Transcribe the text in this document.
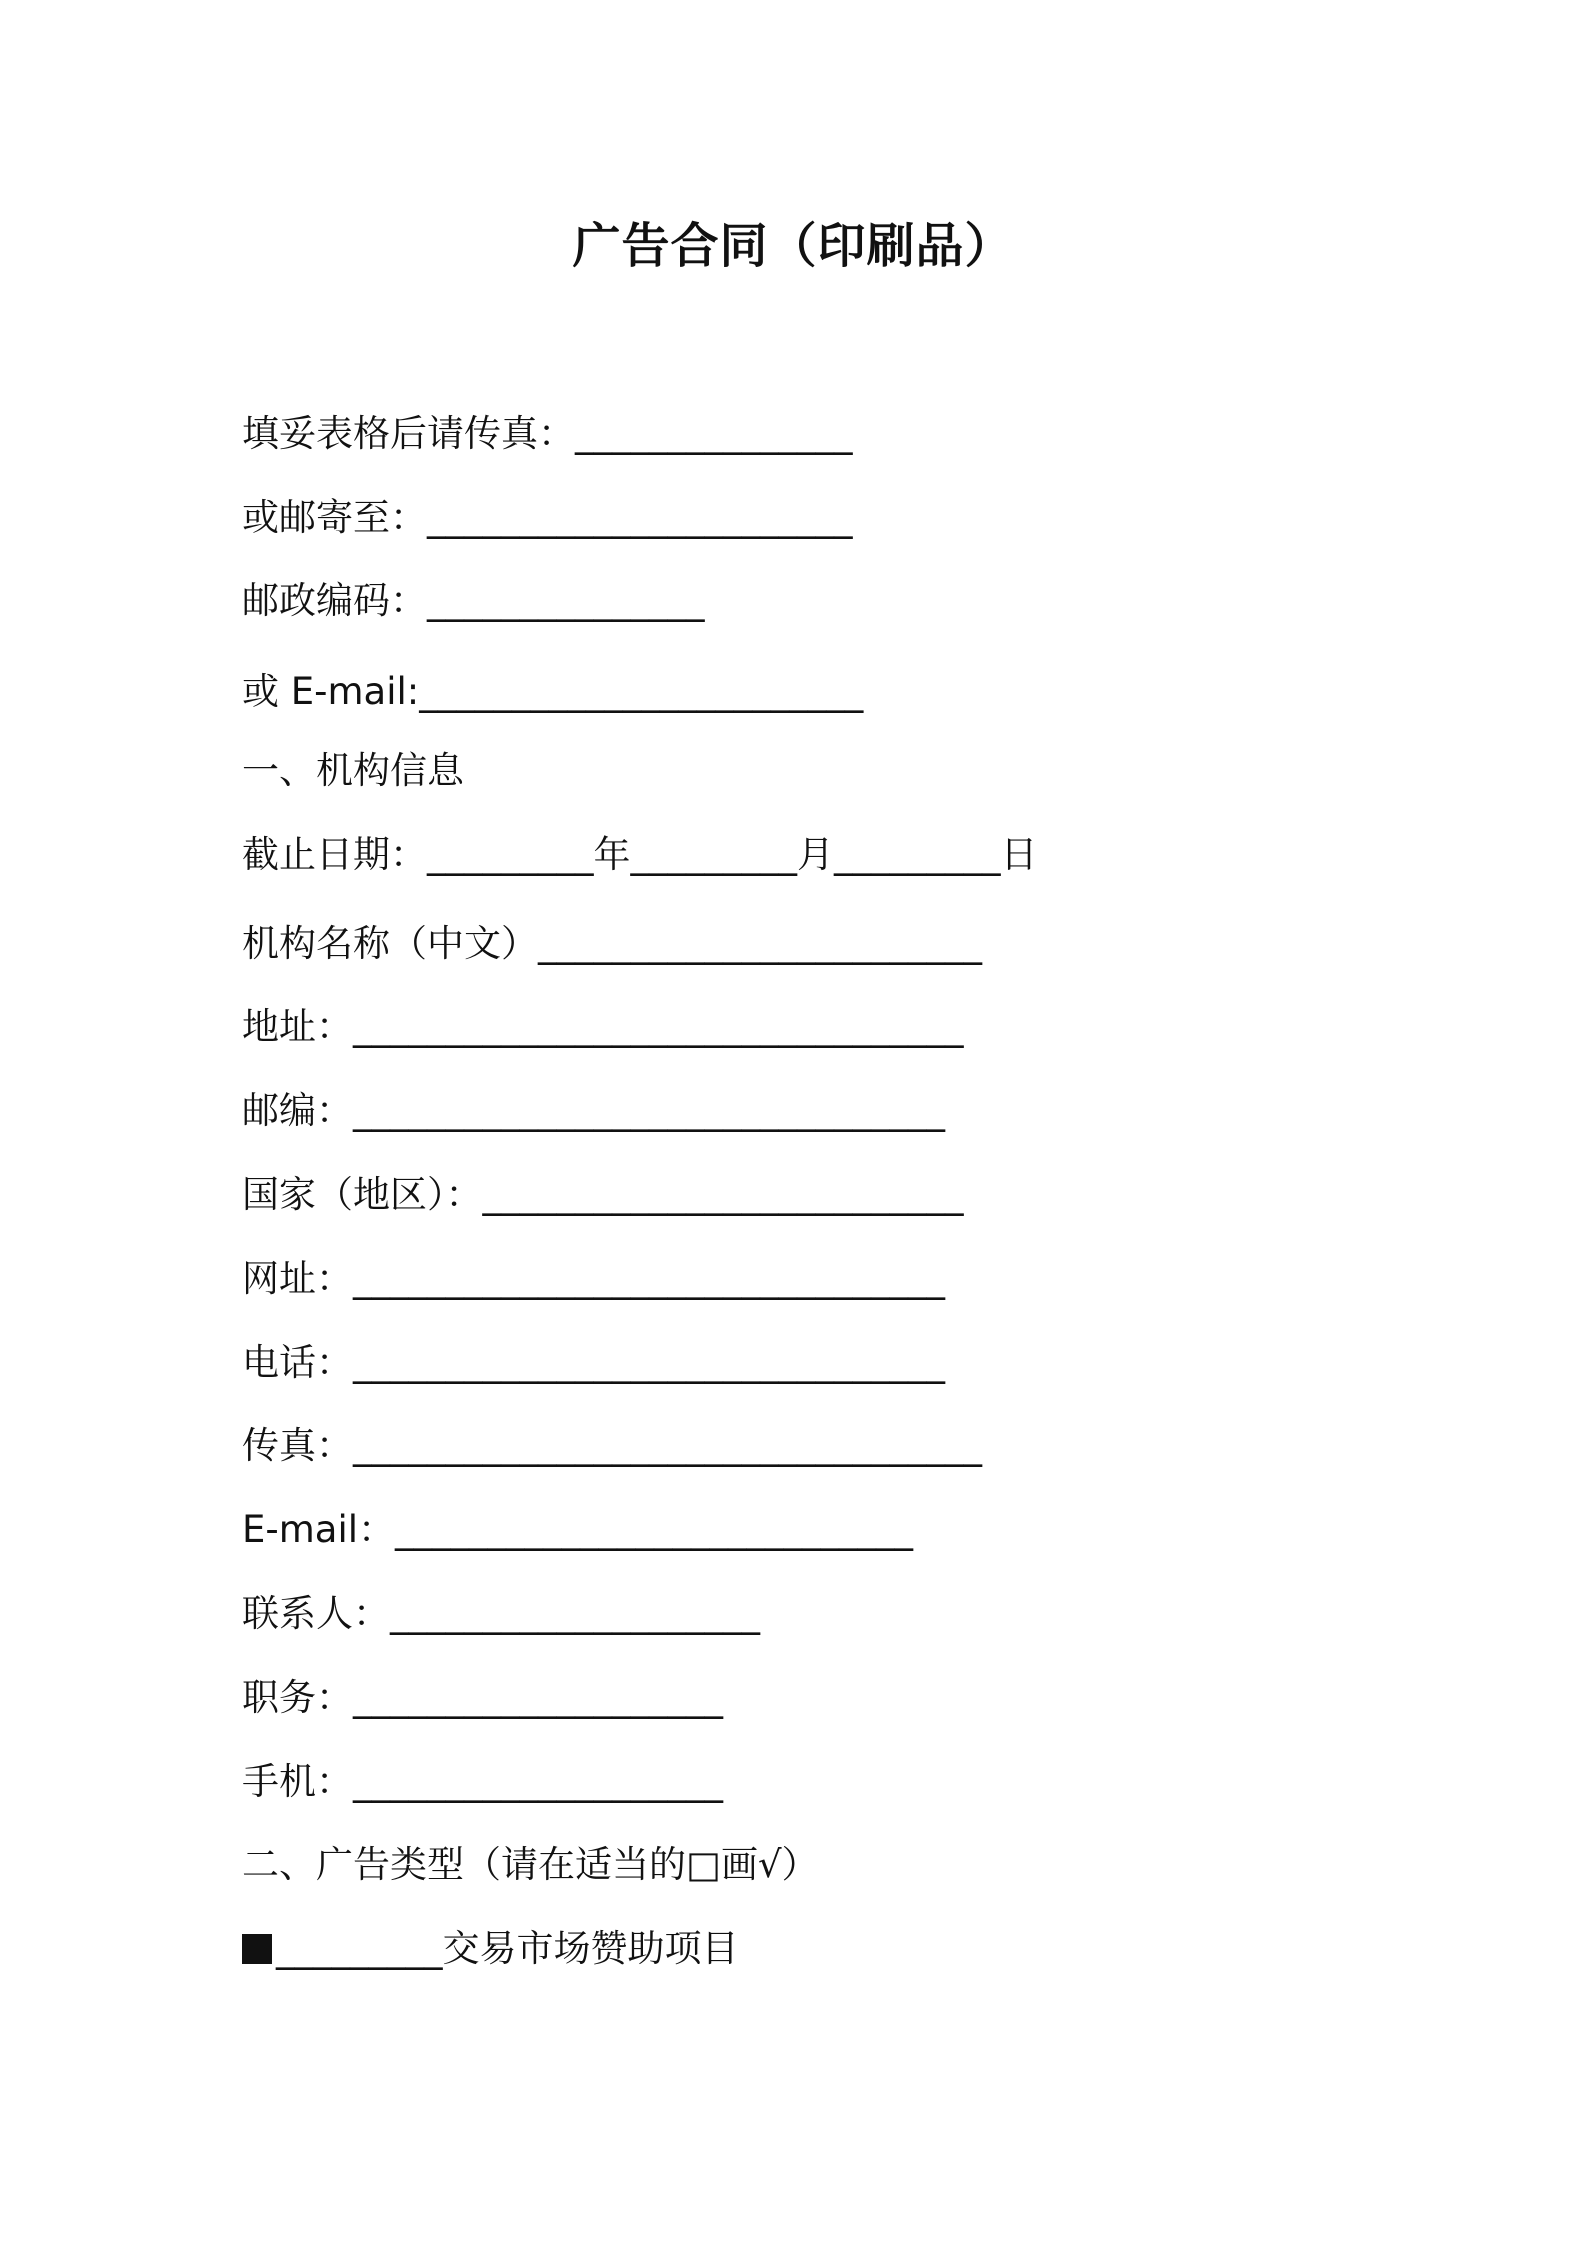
广告合同（印刷品）
填妥表格后请传真：_______________
或邮寄至：_______________________
邮政编码：_______________
或 E-mail:________________________
一、机构信息
截止日期：_________年_________月_________日
机构名称（中文）________________________
地址：_________________________________
邮编：________________________________
国家（地区）：__________________________
网址：________________________________
电话：________________________________
传真：__________________________________
E-mail：____________________________
联系人：____________________
职务：____________________
手机：____________________
二、广告类型（请在适当的□画√）
_________交易市场赞助项目
